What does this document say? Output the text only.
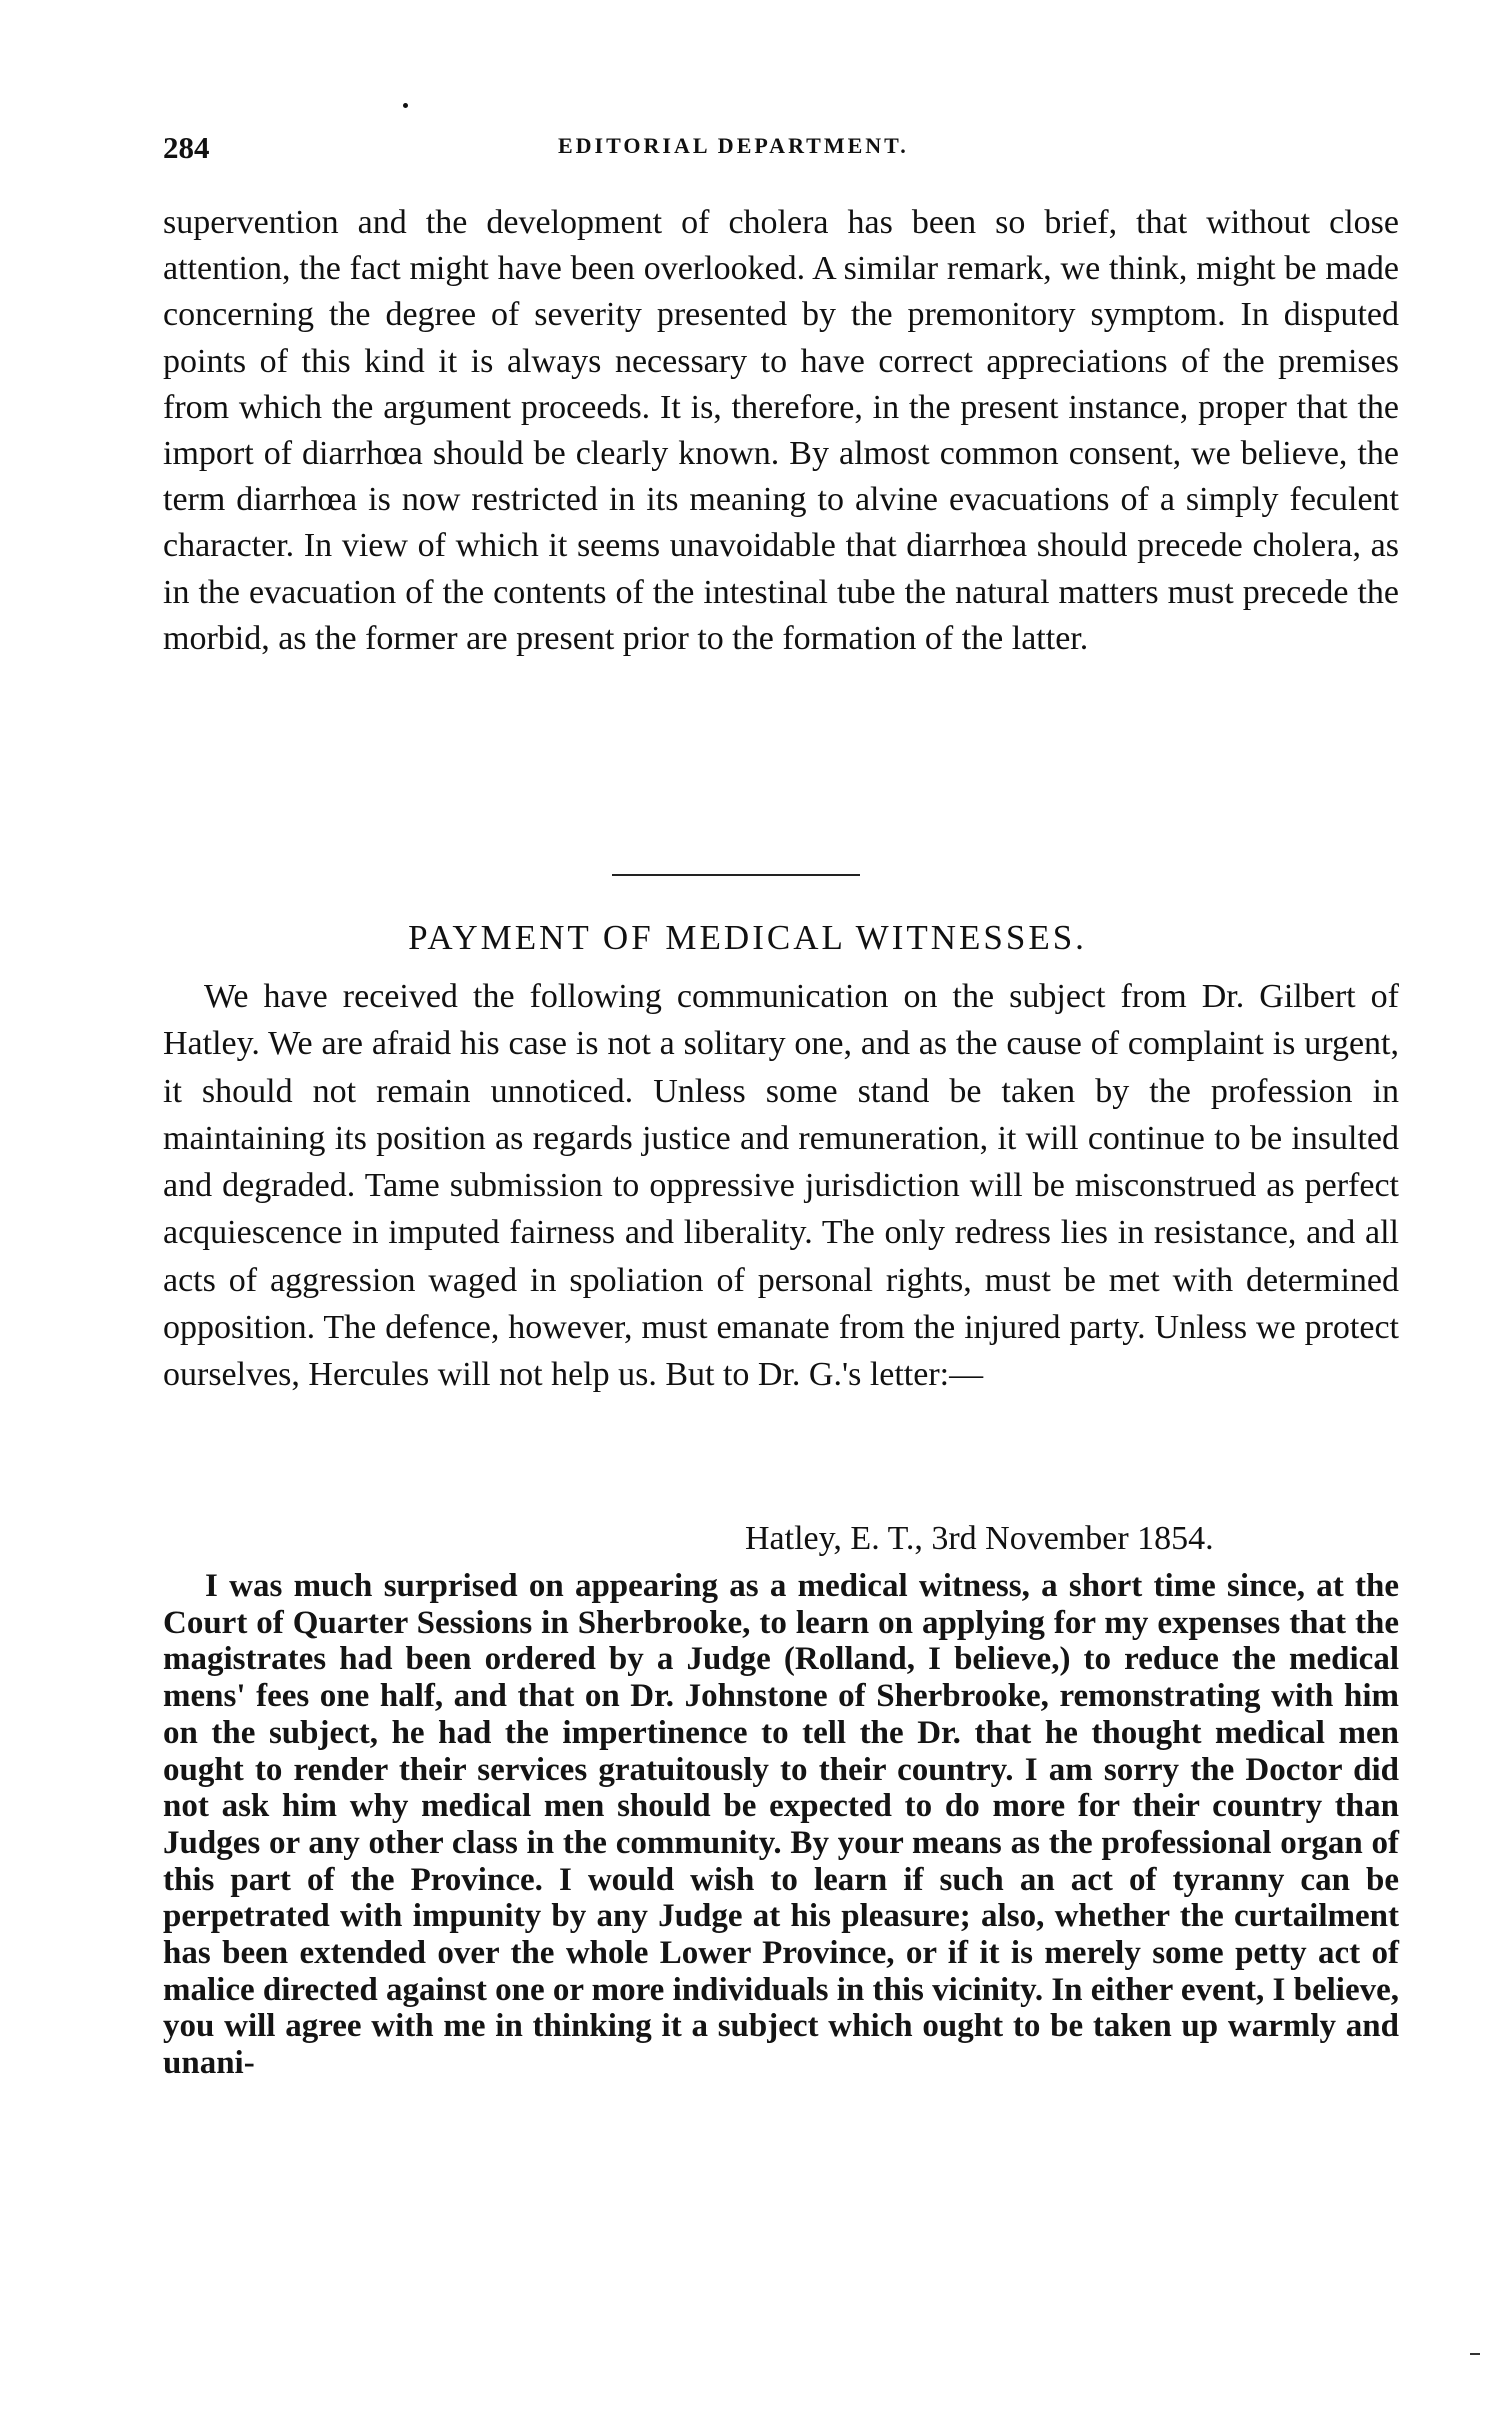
284	EDITORIAL DEPARTMENT.

supervention and the development of cholera has been so brief, that without close attention, the fact might have been overlooked. A similar remark, we think, might be made concerning the degree of severity presented by the premonitory symptom. In disputed points of this kind it is always necessary to have correct appreciations of the premises from which the argument proceeds. It is, therefore, in the present instance, proper that the import of diarrhœa should be clearly known. By almost common consent, we believe, the term diarrhœa is now restricted in its meaning to alvine evacuations of a simply feculent character. In view of which it seems unavoidable that diarrhœa should precede cholera, as in the evacuation of the contents of the intestinal tube the natural matters must precede the morbid, as the former are present prior to the formation of the latter.

PAYMENT OF MEDICAL WITNESSES.

We have received the following communication on the subject from Dr. Gilbert of Hatley. We are afraid his case is not a solitary one, and as the cause of complaint is urgent, it should not remain unnoticed. Unless some stand be taken by the profession in maintaining its position as regards justice and remuneration, it will continue to be insulted and degraded. Tame submission to oppressive jurisdiction will be misconstrued as perfect acquiescence in imputed fairness and liberality. The only redress lies in resistance, and all acts of aggression waged in spoliation of personal rights, must be met with determined opposition. The defence, however, must emanate from the injured party. Unless we protect ourselves, Hercules will not help us. But to Dr. G.'s letter:—

Hatley, E. T., 3rd November 1854.

I was much surprised on appearing as a medical witness, a short time since, at the Court of Quarter Sessions in Sherbrooke, to learn on applying for my expenses that the magistrates had been ordered by a Judge (Rolland, I believe,) to reduce the medical mens' fees one half, and that on Dr. Johnstone of Sherbrooke, remonstrating with him on the subject, he had the impertinence to tell the Dr. that he thought medical men ought to render their services gratuitously to their country. I am sorry the Doctor did not ask him why medical men should be expected to do more for their country than Judges or any other class in the community. By your means as the professional organ of this part of the Province. I would wish to learn if such an act of tyranny can be perpetrated with impunity by any Judge at his pleasure; also, whether the curtailment has been extended over the whole Lower Province, or if it is merely some petty act of malice directed against one or more individuals in this vicinity. In either event, I believe, you will agree with me in thinking it a subject which ought to be taken up warmly and unani-
